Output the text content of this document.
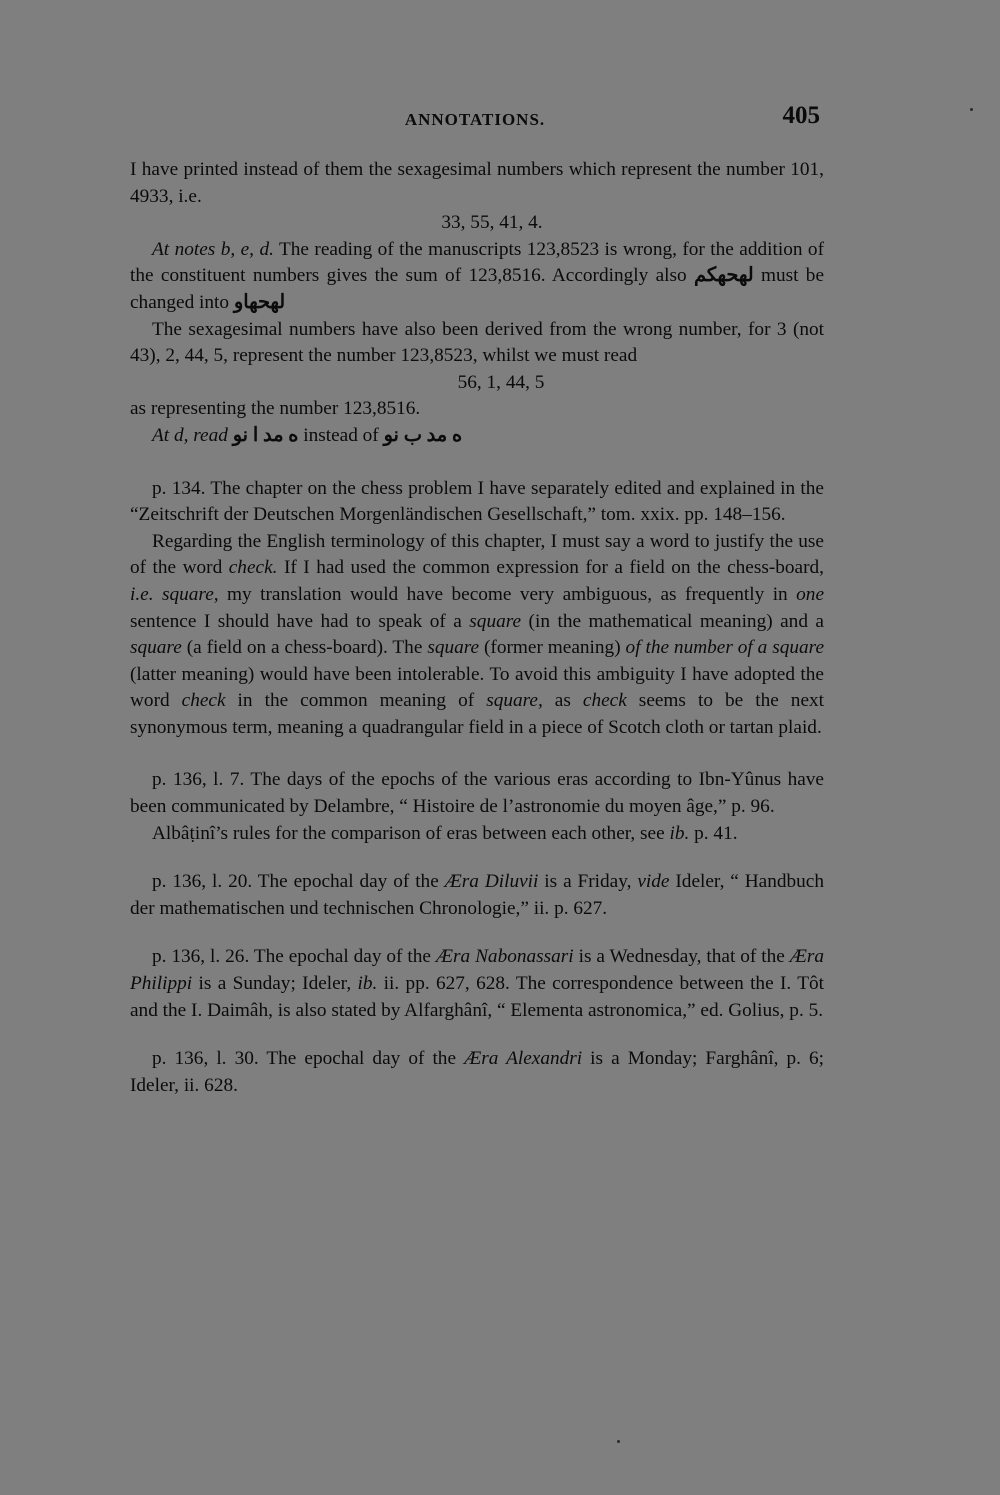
ANNOTATIONS.	405

I have printed instead of them the sexagesimal numbers which represent the number 101, 4933, i.e.

33, 55, 41, 4.

At notes b, e, d. The reading of the manuscripts 123,8523 is wrong, for the addition of the constituent numbers gives the sum of 123,8516. Accordingly also لهحهكم must be changed into لهحهاو

The sexagesimal numbers have also been derived from the wrong number, for 3 (not 43), 2, 44, 5, represent the number 123,8523, whilst we must read

56, 1, 44, 5

as representing the number 123,8516.

At d, read ه مد ا نو instead of ه مد ب نو

p. 134. The chapter on the chess problem I have separately edited and explained in the “Zeitschrift der Deutschen Morgenländischen Gesellschaft,” tom. xxix. pp. 148–156.

Regarding the English terminology of this chapter, I must say a word to justify the use of the word check. If I had used the common expression for a field on the chess-board, i.e. square, my translation would have become very ambiguous, as frequently in one sentence I should have had to speak of a square (in the mathematical meaning) and a square (a field on a chess-board). The square (former meaning) of the number of a square (latter meaning) would have been intolerable. To avoid this ambiguity I have adopted the word check in the common meaning of square, as check seems to be the next synonymous term, meaning a quadrangular field in a piece of Scotch cloth or tartan plaid.

p. 136, l. 7. The days of the epochs of the various eras according to Ibn-Yûnus have been communicated by Delambre, “ Histoire de l’astronomie du moyen âge,” p. 96.

Albâṭinî’s rules for the comparison of eras between each other, see ib. p. 41.

p. 136, l. 20. The epochal day of the Æra Diluvii is a Friday, vide Ideler, “ Handbuch der mathematischen und technischen Chronologie,” ii. p. 627.

p. 136, l. 26. The epochal day of the Æra Nabonassari is a Wednesday, that of the Æra Philippi is a Sunday; Ideler, ib. ii. pp. 627, 628. The correspondence between the I. Tôt and the I. Daimâh, is also stated by Alfarghânî, “ Elementa astronomica,” ed. Golius, p. 5.

p. 136, l. 30. The epochal day of the Æra Alexandri is a Monday; Farghânî, p. 6; Ideler, ii. 628.
